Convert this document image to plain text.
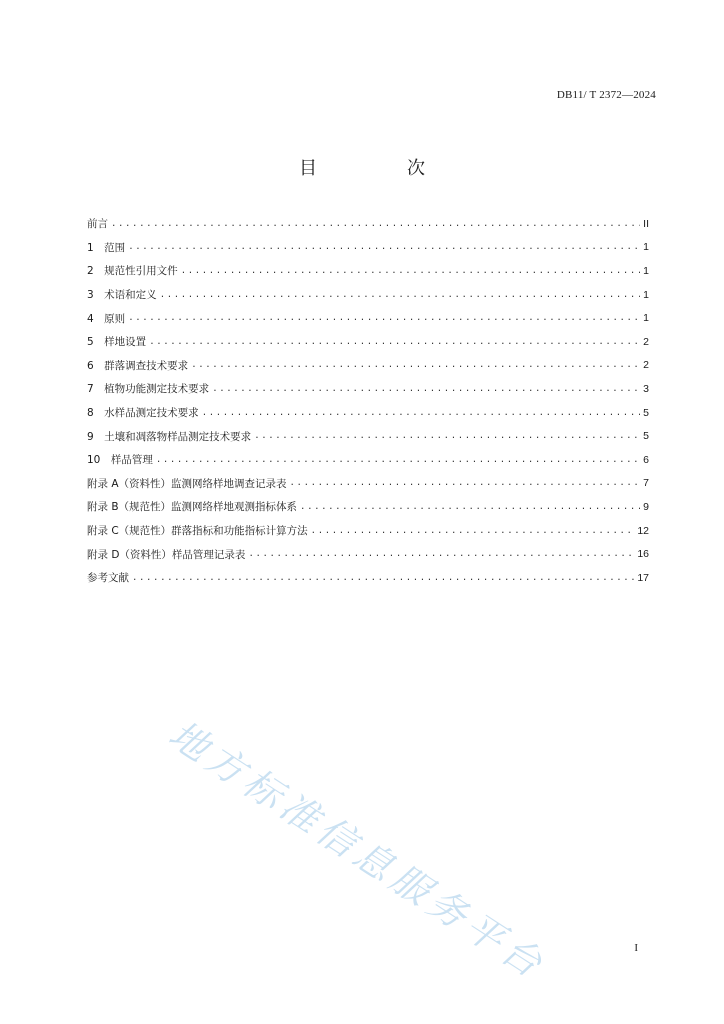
DB11/ T 2372—2024
目　次
前言 .....	II
1　范围 .....	1
2　规范性引用文件 .....	1
3　术语和定义 .....	1
4　原则 .....	1
5　样地设置 .....	2
6　群落调查技术要求 .....	2
7　植物功能测定技术要求 .....	3
8　水样品测定技术要求 .....	5
9　土壤和凋落物样品测定技术要求 .....	5
10　样品管理 .....	6
附录 A（资料性）监测网络样地调查记录表 .....	7
附录 B（规范性）监测网络样地观测指标体系 .....	9
附录 C（规范性）群落指标和功能指标计算方法 .....	12
附录 D（资料性）样品管理记录表 .....	16
参考文献 .....	17
地方标准信息服务平台	I
